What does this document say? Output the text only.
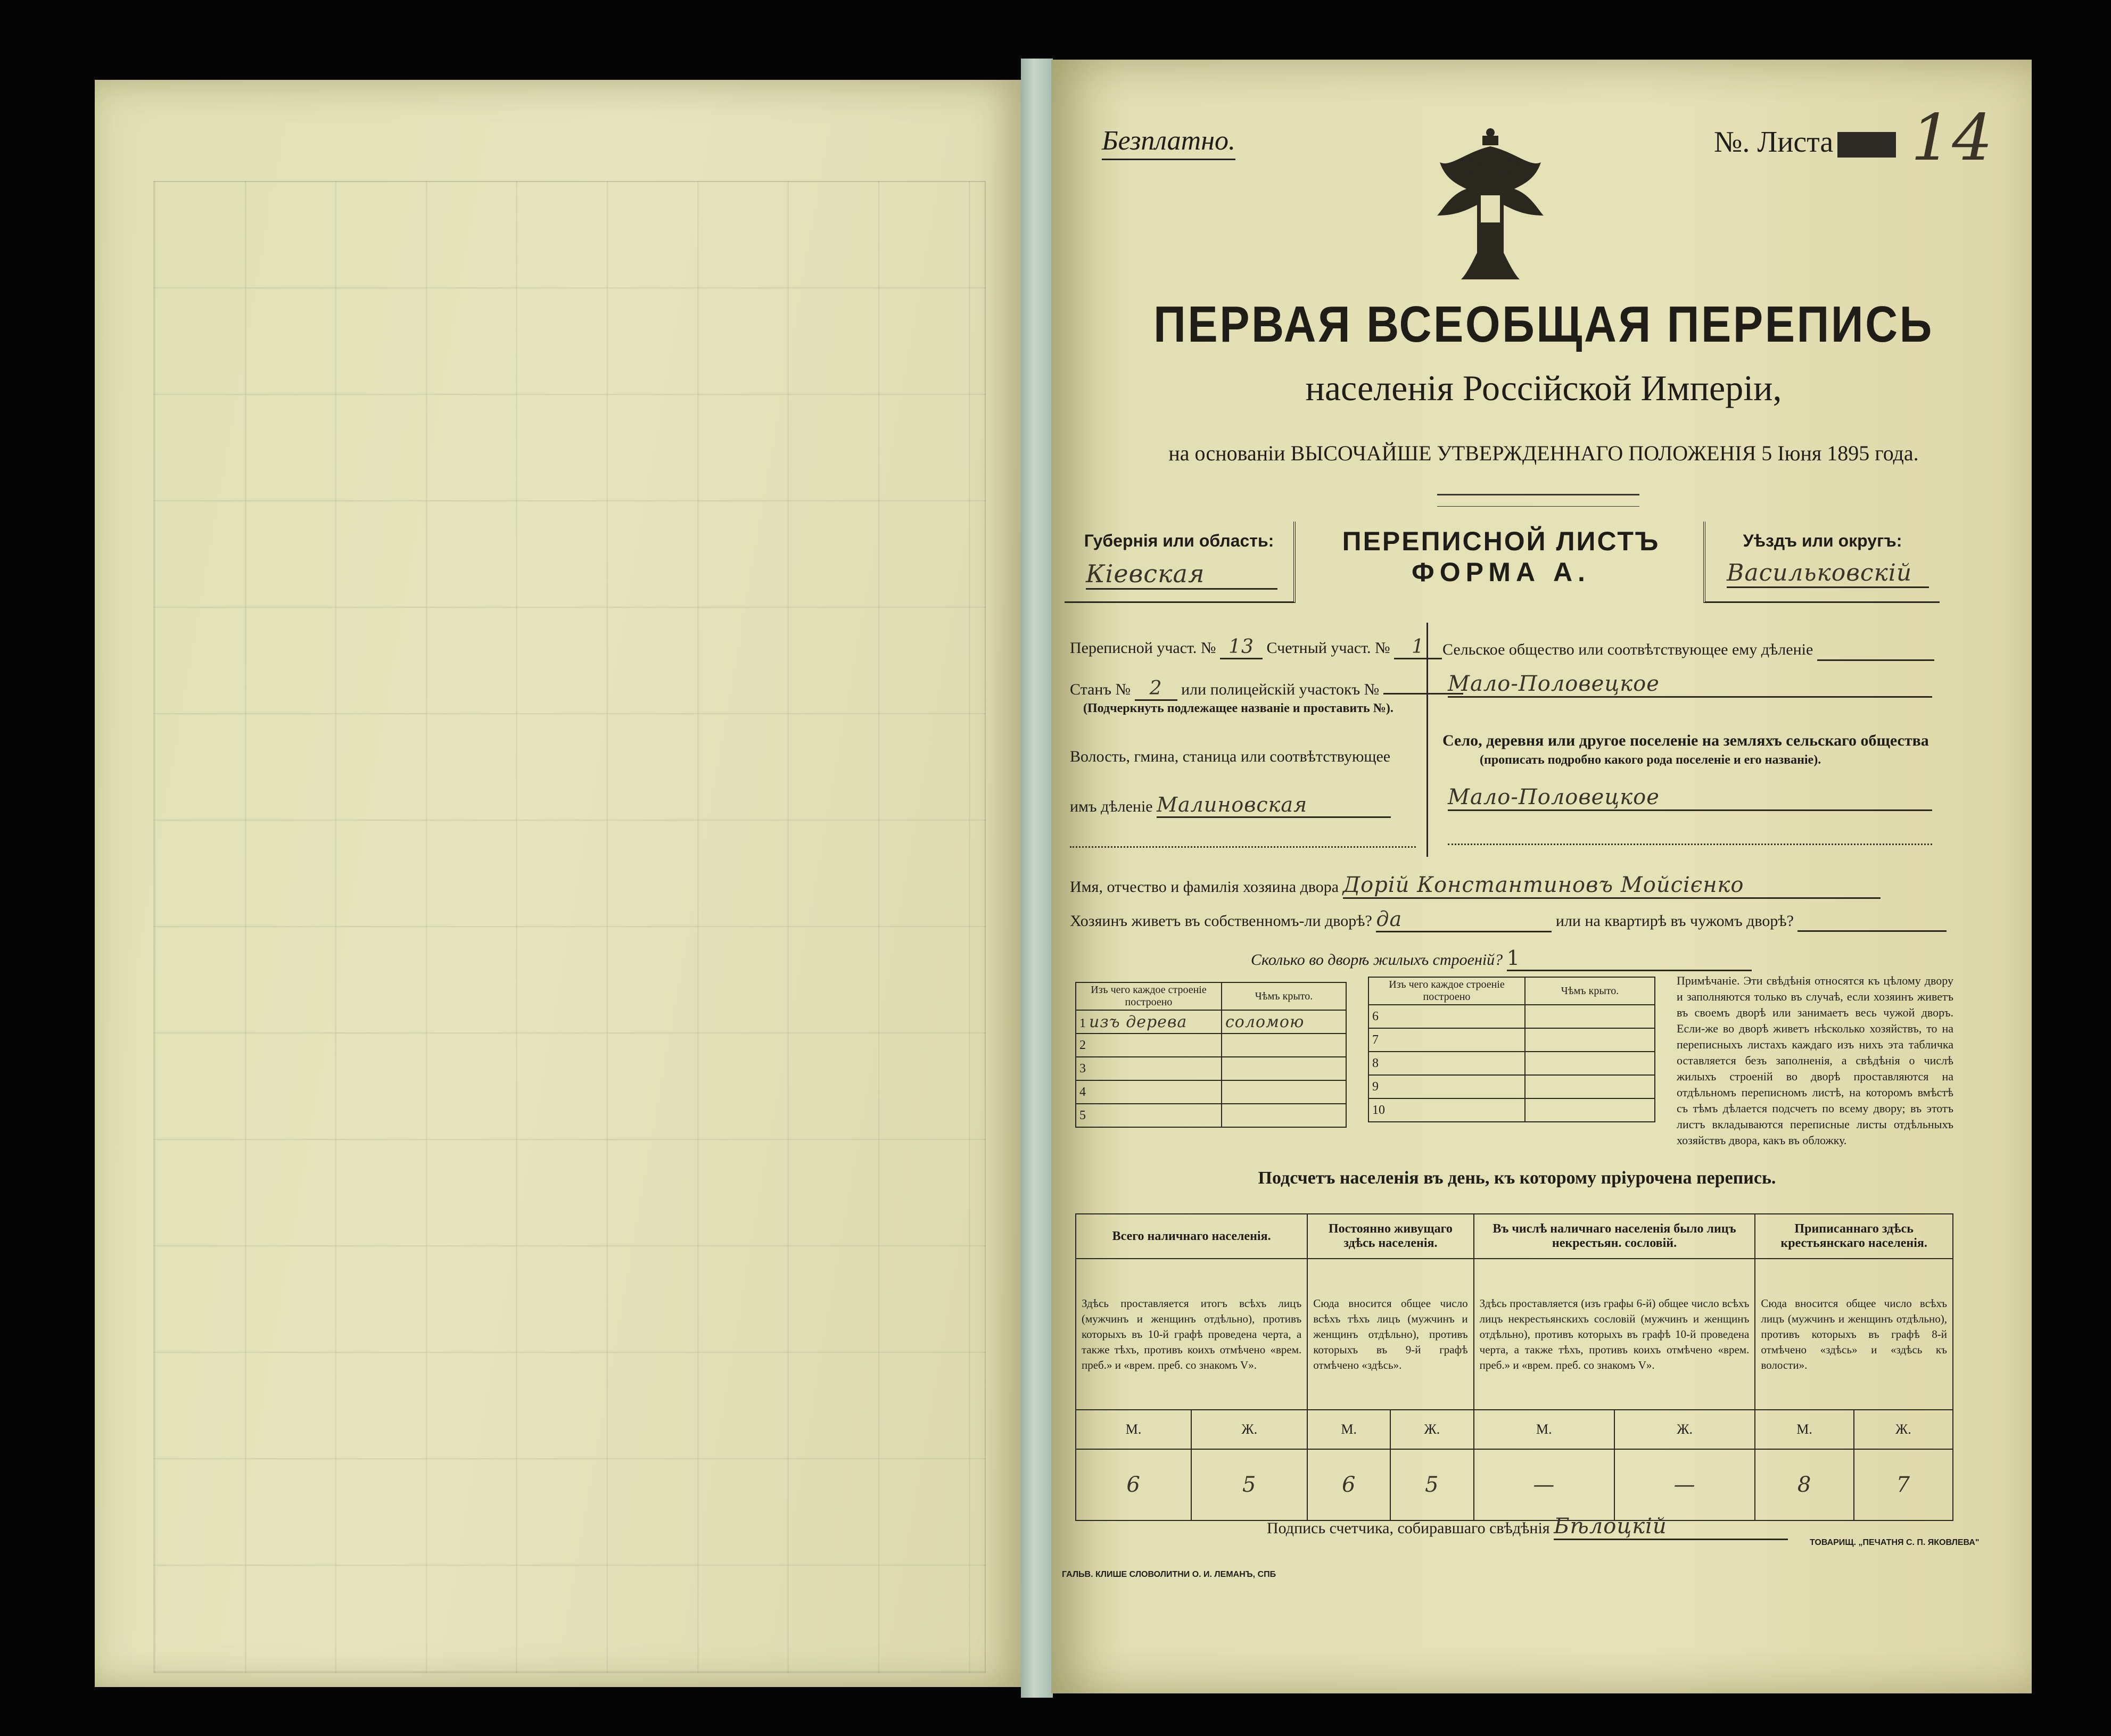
Безплатно.	№. Листа	14
ПЕРВАЯ ВСЕОБЩАЯ ПЕРЕПИСЬ
населенія Россійской Имперіи,
на основаніи ВЫСОЧАЙШЕ УТВЕРЖДЕННАГО ПОЛОЖЕНІЯ 5 Іюня 1895 года.
Губернія или область:
Кіевская
ПЕРЕПИСНОЙ ЛИСТЪ
ФОРМА А.
Уѣздъ или округъ:
Васильковскій
Переписной участ. № 13 Счетный участ. № 1
Станъ № 2 или полицейскій участокъ №
(Подчеркнуть подлежащее названіе и проставить №).
Волость, гмина, станица или соотвѣтствующее
имъ дѣленіе Малиновская
Сельское общество или соотвѣтствующее ему дѣленіе
Мало-Половецкое
Село, деревня или другое поселеніе на земляхъ сельскаго общества
(прописать подробно какого рода поселеніе и его названіе).
Мало-Половецкое
Имя, отчество и фамилія хозяина двора Дорій Константиновъ Мойсієнко
Хозяинъ живетъ въ собственномъ-ли дворѣ? да	или на квартирѣ въ чужомъ дворѣ?
Сколько во дворѣ жилыхъ строеній? 1
Изъ чего каждое строеніе построено	Чѣмъ крыто.
1 изъ дерева	соломою
2	
3	
4	
5	
Изъ чего каждое строеніе построено	Чѣмъ крыто.
6	
7	
8	
9	
10	
Примѣчаніе. Эти свѣдѣнія относятся къ цѣлому двору и заполняются только въ случаѣ, если хозяинъ живетъ въ своемъ дворѣ или занимаетъ весь чужой дворъ. Если-же во дворѣ живетъ нѣсколько хозяйствъ, то на переписныхъ листахъ каждаго изъ нихъ эта табличка оставляется безъ заполненія, а свѣдѣнія о числѣ жилыхъ строеній во дворѣ проставляются на отдѣльномъ переписномъ листѣ, на которомъ вмѣстѣ съ тѣмъ дѣлается подсчетъ по всему двору; въ этотъ листъ вкладываются переписные листы отдѣльныхъ хозяйствъ двора, какъ въ обложку.
Подсчетъ населенія въ день, къ которому пріурочена перепись.
Всего наличнаго населенія.		Постоянно живущаго здѣсь населенія.		Въ числѣ наличнаго населенія было лицъ некрестьян. сословій.		Приписаннаго здѣсь крестьянскаго населенія.	
Здѣсь проставляется итогъ всѣхъ лицъ (мужчинъ и женщинъ отдѣльно), противъ которыхъ въ 10-й графѣ проведена черта, а также тѣхъ, противъ коихъ отмѣчено «врем. преб.» и «врем. преб. со знакомъ V».		Сюда вносится общее число всѣхъ тѣхъ лицъ (мужчинъ и женщинъ отдѣльно), противъ которыхъ въ 9-й графѣ отмѣчено «здѣсь».		Здѣсь проставляется (изъ графы 6-й) общее число всѣхъ лицъ некрестьянскихъ сословій (мужчинъ и женщинъ отдѣльно), противъ которыхъ въ графѣ 10-й проведена черта, а также тѣхъ, противъ коихъ отмѣчено «врем. преб.» и «врем. преб. со знакомъ V».		Сюда вносится общее число всѣхъ лицъ (мужчинъ и женщинъ отдѣльно), противъ которыхъ въ графѣ 8-й отмѣчено «здѣсь» и «здѣсь къ волости».	
М.	Ж.	М.	Ж.	М.	Ж.	М.	Ж.
6	5	6	5	—	—	8	7
Подпись счетчика, собиравшаго свѣдѣнія Бѣлоцкій
ГАЛЬВ. КЛИШЕ СЛОВОЛИТНИ О. И. ЛЕМАНЪ, СПБ
ТОВАРИЩ. „ПЕЧАТНЯ С. П. ЯКОВЛЕВА"
